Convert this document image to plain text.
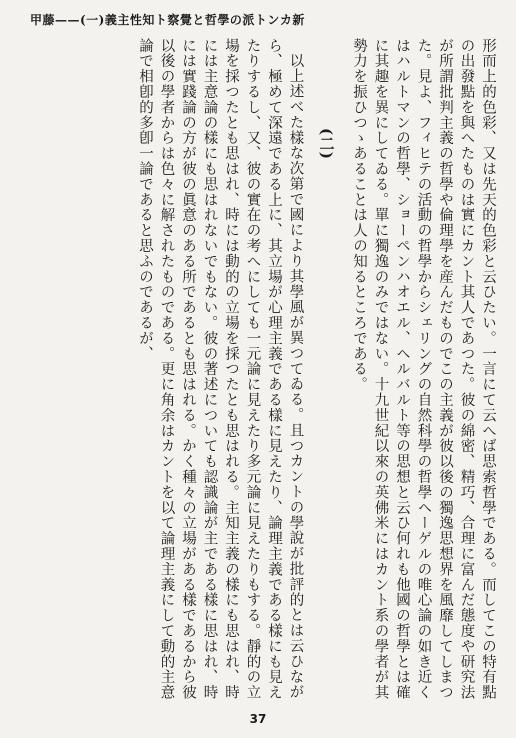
甲藤——(一)義主性知ト察覺と哲學の派トンカ新

形而上的色彩、又は先天的色彩と云ひたい。一言にて云へば思索哲學である。而してこの特有點の出發點を與へたものは實にカント其人であつた。彼の綿密、精巧、合理に富んだ態度や研究法が所謂批判主義の哲學や倫理學を産んだものでこの主義が彼以後の獨逸思想界を風靡してしまつた。見よ、フィヒテの活動の哲學からシェリングの自然科學の哲學ヘーゲルの唯心論の如き近くはハルトマンの哲學、ショーペンハオエル、ヘルバルト等の思想と云ひ何れも他國の哲學とは確に其趣を異にしてゐる。單に獨逸のみではない。十九世紀以來の英佛米にはカント系の學者が其勢力を振ひつゝあることは人の知るところである。

(二)

以上述べた樣な次第で國により其學風が異つてゐる。且つカントの學說が批評的とは云ひながら、極めて深遠である上に、其立場が心理主義である樣に見えたり、論理主義である樣にも見えたりするし、又、彼の實在の考へにしても一元論に見えたり多元論に見えたりもする。靜的の立場を採つたとも思はれ、時には動的の立場を採つたとも思はれる。主知主義の樣にも思はれ、時には主意論の樣にも思はれないでもない。彼の著述についても認識論が主である樣に思はれ、時には實踐論の方が彼の眞意のある所であるとも思はれる。かく種々の立場がある樣であるから彼以後の學者からは色々に解されたものである。更に角余はカントを以て論理主義にして動的主意論で相卽的多卽一論であると思ふのであるが、

37
